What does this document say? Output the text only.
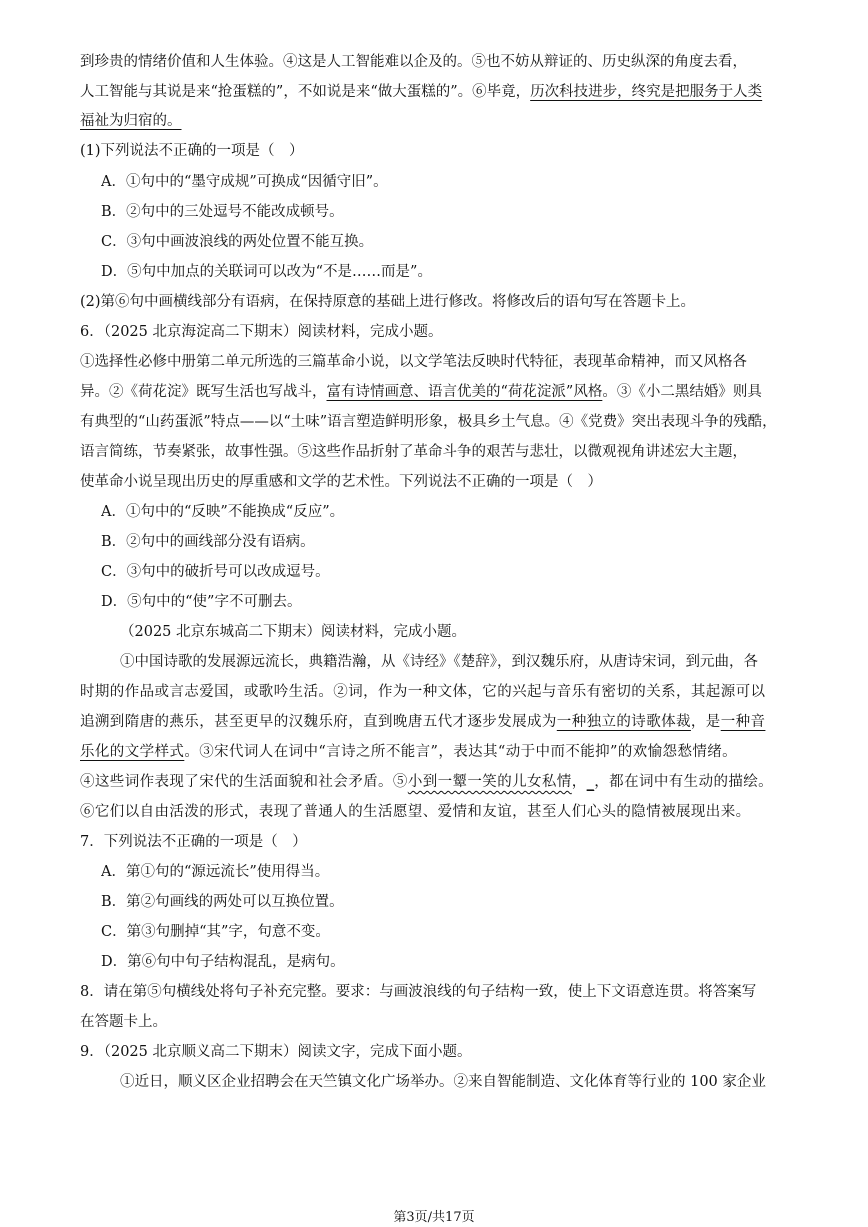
到珍贵的情绪价值和人生体验。④这是人工智能难以企及的。⑤也不妨从辩证的、历史纵深的角度去看，
人工智能与其说是来“抢蛋糕的”，不如说是来“做大蛋糕的”。⑥毕竟，历次科技进步，终究是把服务于人类
福祉为归宿的。
(1)下列说法不正确的一项是（　）
A．①句中的“墨守成规”可换成“因循守旧”。
B．②句中的三处逗号不能改成顿号。
C．③句中画波浪线的两处位置不能互换。
D．⑤句中加点的关联词可以改为“不是……而是”。
(2)第⑥句中画横线部分有语病，在保持原意的基础上进行修改。将修改后的语句写在答题卡上。
6．（2025 北京海淀高二下期末）阅读材料，完成小题。
①选择性必修中册第二单元所选的三篇革命小说，以文学笔法反映时代特征，表现革命精神，而又风格各
异。②《荷花淀》既写生活也写战斗，富有诗情画意、语言优美的“荷花淀派”风格。③《小二黑结婚》则具
有典型的“山药蛋派”特点——以“土味”语言塑造鲜明形象，极具乡土气息。④《党费》突出表现斗争的残酷，
语言简练，节奏紧张，故事性强。⑤这些作品折射了革命斗争的艰苦与悲壮，以微观视角讲述宏大主题，
使革命小说呈现出历史的厚重感和文学的艺术性。下列说法不正确的一项是（　）
A．①句中的“反映”不能换成“反应”。
B．②句中的画线部分没有语病。
C．③句中的破折号可以改成逗号。
D．⑤句中的“使”字不可删去。
（2025 北京东城高二下期末）阅读材料，完成小题。
①中国诗歌的发展源远流长，典籍浩瀚，从《诗经》《楚辞》，到汉魏乐府，从唐诗宋词，到元曲，各
时期的作品或言志爱国，或歌吟生活。②词，作为一种文体，它的兴起与音乐有密切的关系，其起源可以
追溯到隋唐的燕乐，甚至更早的汉魏乐府，直到晚唐五代才逐步发展成为一种独立的诗歌体裁，是一种音
乐化的文学样式。③宋代词人在词中“言诗之所不能言”，表达其“动于中而不能抑”的欢愉怨愁情绪。
④这些词作表现了宋代的生活面貌和社会矛盾。⑤小到一颦一笑的儿女私情，_，都在词中有生动的描绘。
⑥它们以自由活泼的形式，表现了普通人的生活愿望、爱情和友谊，甚至人们心头的隐情被展现出来。
7．下列说法不正确的一项是（　）
A．第①句的“源远流长”使用得当。
B．第②句画线的两处可以互换位置。
C．第③句删掉“其”字，句意不变。
D．第⑥句中句子结构混乱，是病句。
8．请在第⑤句横线处将句子补充完整。要求：与画波浪线的句子结构一致，使上下文语意连贯。将答案写
在答题卡上。
9．（2025 北京顺义高二下期末）阅读文字，完成下面小题。
①近日，顺义区企业招聘会在天竺镇文化广场举办。②来自智能制造、文化体育等行业的 100 家企业
第3页/共17页
